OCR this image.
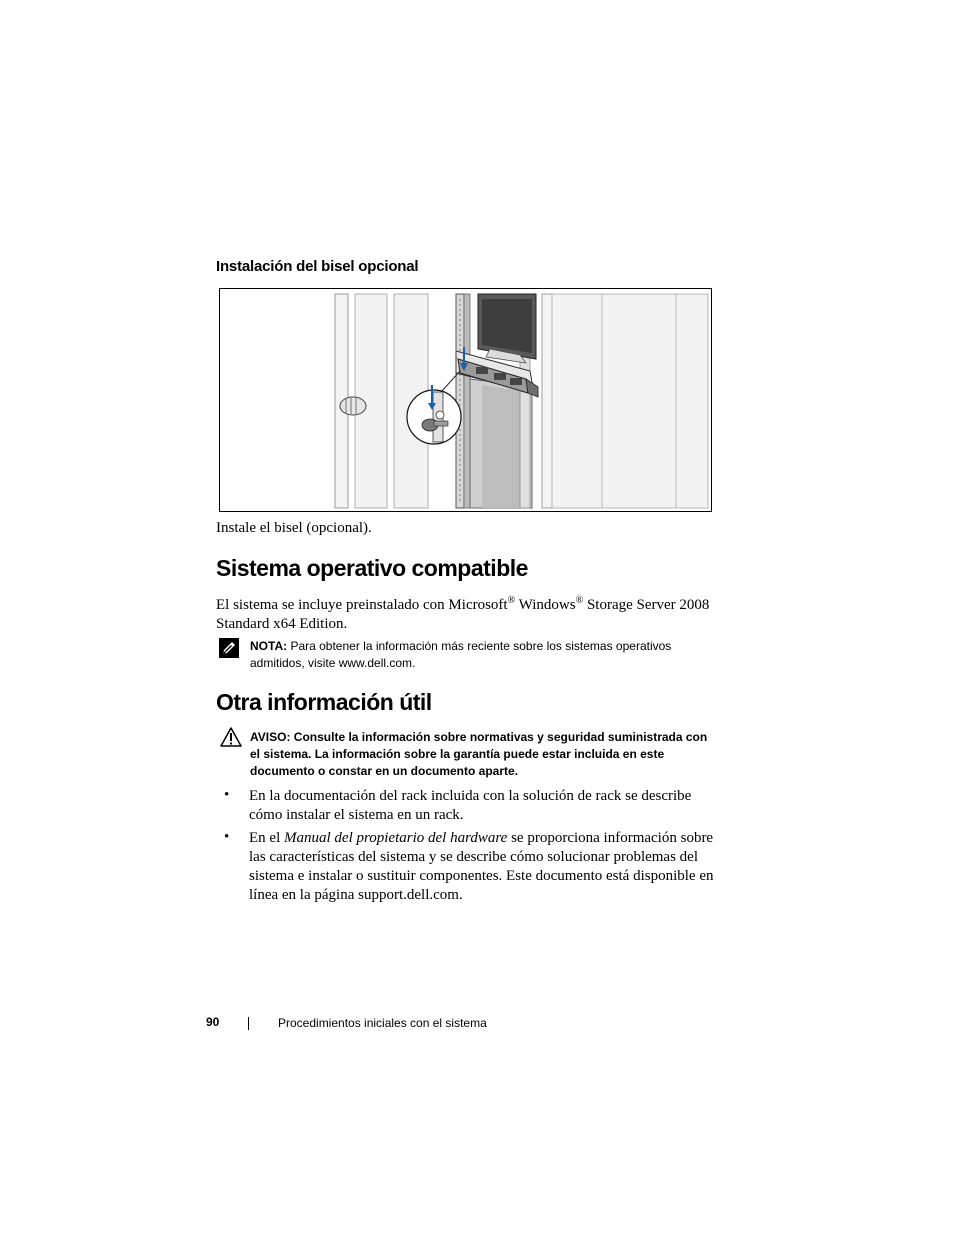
Instalación del bisel opcional
Instale el bisel (opcional).
Sistema operativo compatible
El sistema se incluye preinstalado con Microsoft® Windows® Storage Server 2008 Standard x64 Edition.
NOTA: Para obtener la información más reciente sobre los sistemas operativos admitidos, visite www.dell.com.
Otra información útil
AVISO: Consulte la información sobre normativas y seguridad suministrada con el sistema. La información sobre la garantía puede estar incluida en este documento o constar en un documento aparte.
• En la documentación del rack incluida con la solución de rack se describe cómo instalar el sistema en un rack.
• En el Manual del propietario del hardware se proporciona información sobre las características del sistema y se describe cómo solucionar problemas del sistema e instalar o sustituir componentes. Este documento está disponible en línea en la página support.dell.com.
90	Procedimientos iniciales con el sistema
